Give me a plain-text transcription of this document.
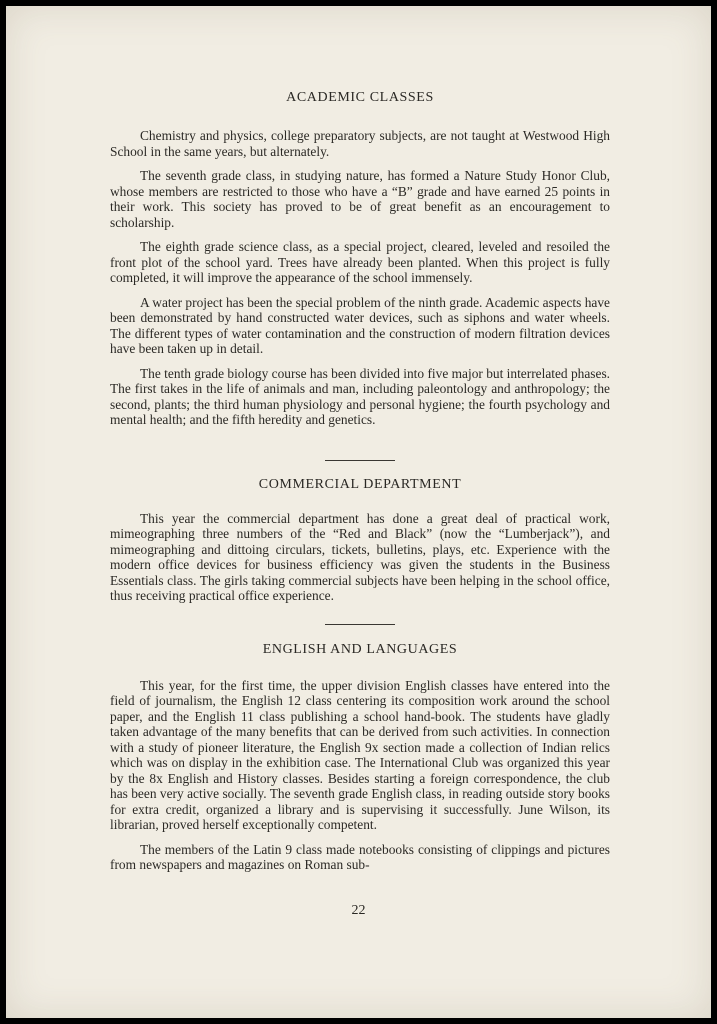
ACADEMIC CLASSES

Chemistry and physics, college preparatory subjects, are not taught at Westwood High School in the same years, but alternately.

The seventh grade class, in studying nature, has formed a Nature Study Honor Club, whose members are restricted to those who have a “B” grade and have earned 25 points in their work. This society has proved to be of great benefit as an encouragement to scholarship.

The eighth grade science class, as a special project, cleared, leveled and resoiled the front plot of the school yard. Trees have already been planted. When this project is fully completed, it will improve the appearance of the school immensely.

A water project has been the special problem of the ninth grade. Academic aspects have been demonstrated by hand constructed water devices, such as siphons and water wheels. The different types of water contamination and the construction of modern filtration devices have been taken up in detail.

The tenth grade biology course has been divided into five major but interrelated phases. The first takes in the life of animals and man, including paleontology and anthropology; the second, plants; the third human physiology and personal hygiene; the fourth psychology and mental health; and the fifth heredity and genetics.

COMMERCIAL DEPARTMENT

This year the commercial department has done a great deal of practical work, mimeographing three numbers of the “Red and Black” (now the “Lumberjack”), and mimeographing and dittoing circulars, tickets, bulletins, plays, etc. Experience with the modern office devices for business efficiency was given the students in the Business Essentials class. The girls taking commercial subjects have been helping in the school office, thus receiving practical office experience.

ENGLISH AND LANGUAGES

This year, for the first time, the upper division English classes have entered into the field of journalism, the English 12 class centering its composition work around the school paper, and the English 11 class publishing a school hand-book. The students have gladly taken advantage of the many benefits that can be derived from such activities. In connection with a study of pioneer literature, the English 9x section made a collection of Indian relics which was on display in the exhibition case. The International Club was organized this year by the 8x English and History classes. Besides starting a foreign correspondence, the club has been very active socially. The seventh grade English class, in reading outside story books for extra credit, organized a library and is supervising it successfully. June Wilson, its librarian, proved herself exceptionally competent.

The members of the Latin 9 class made notebooks consisting of clippings and pictures from newspapers and magazines on Roman sub-

22
